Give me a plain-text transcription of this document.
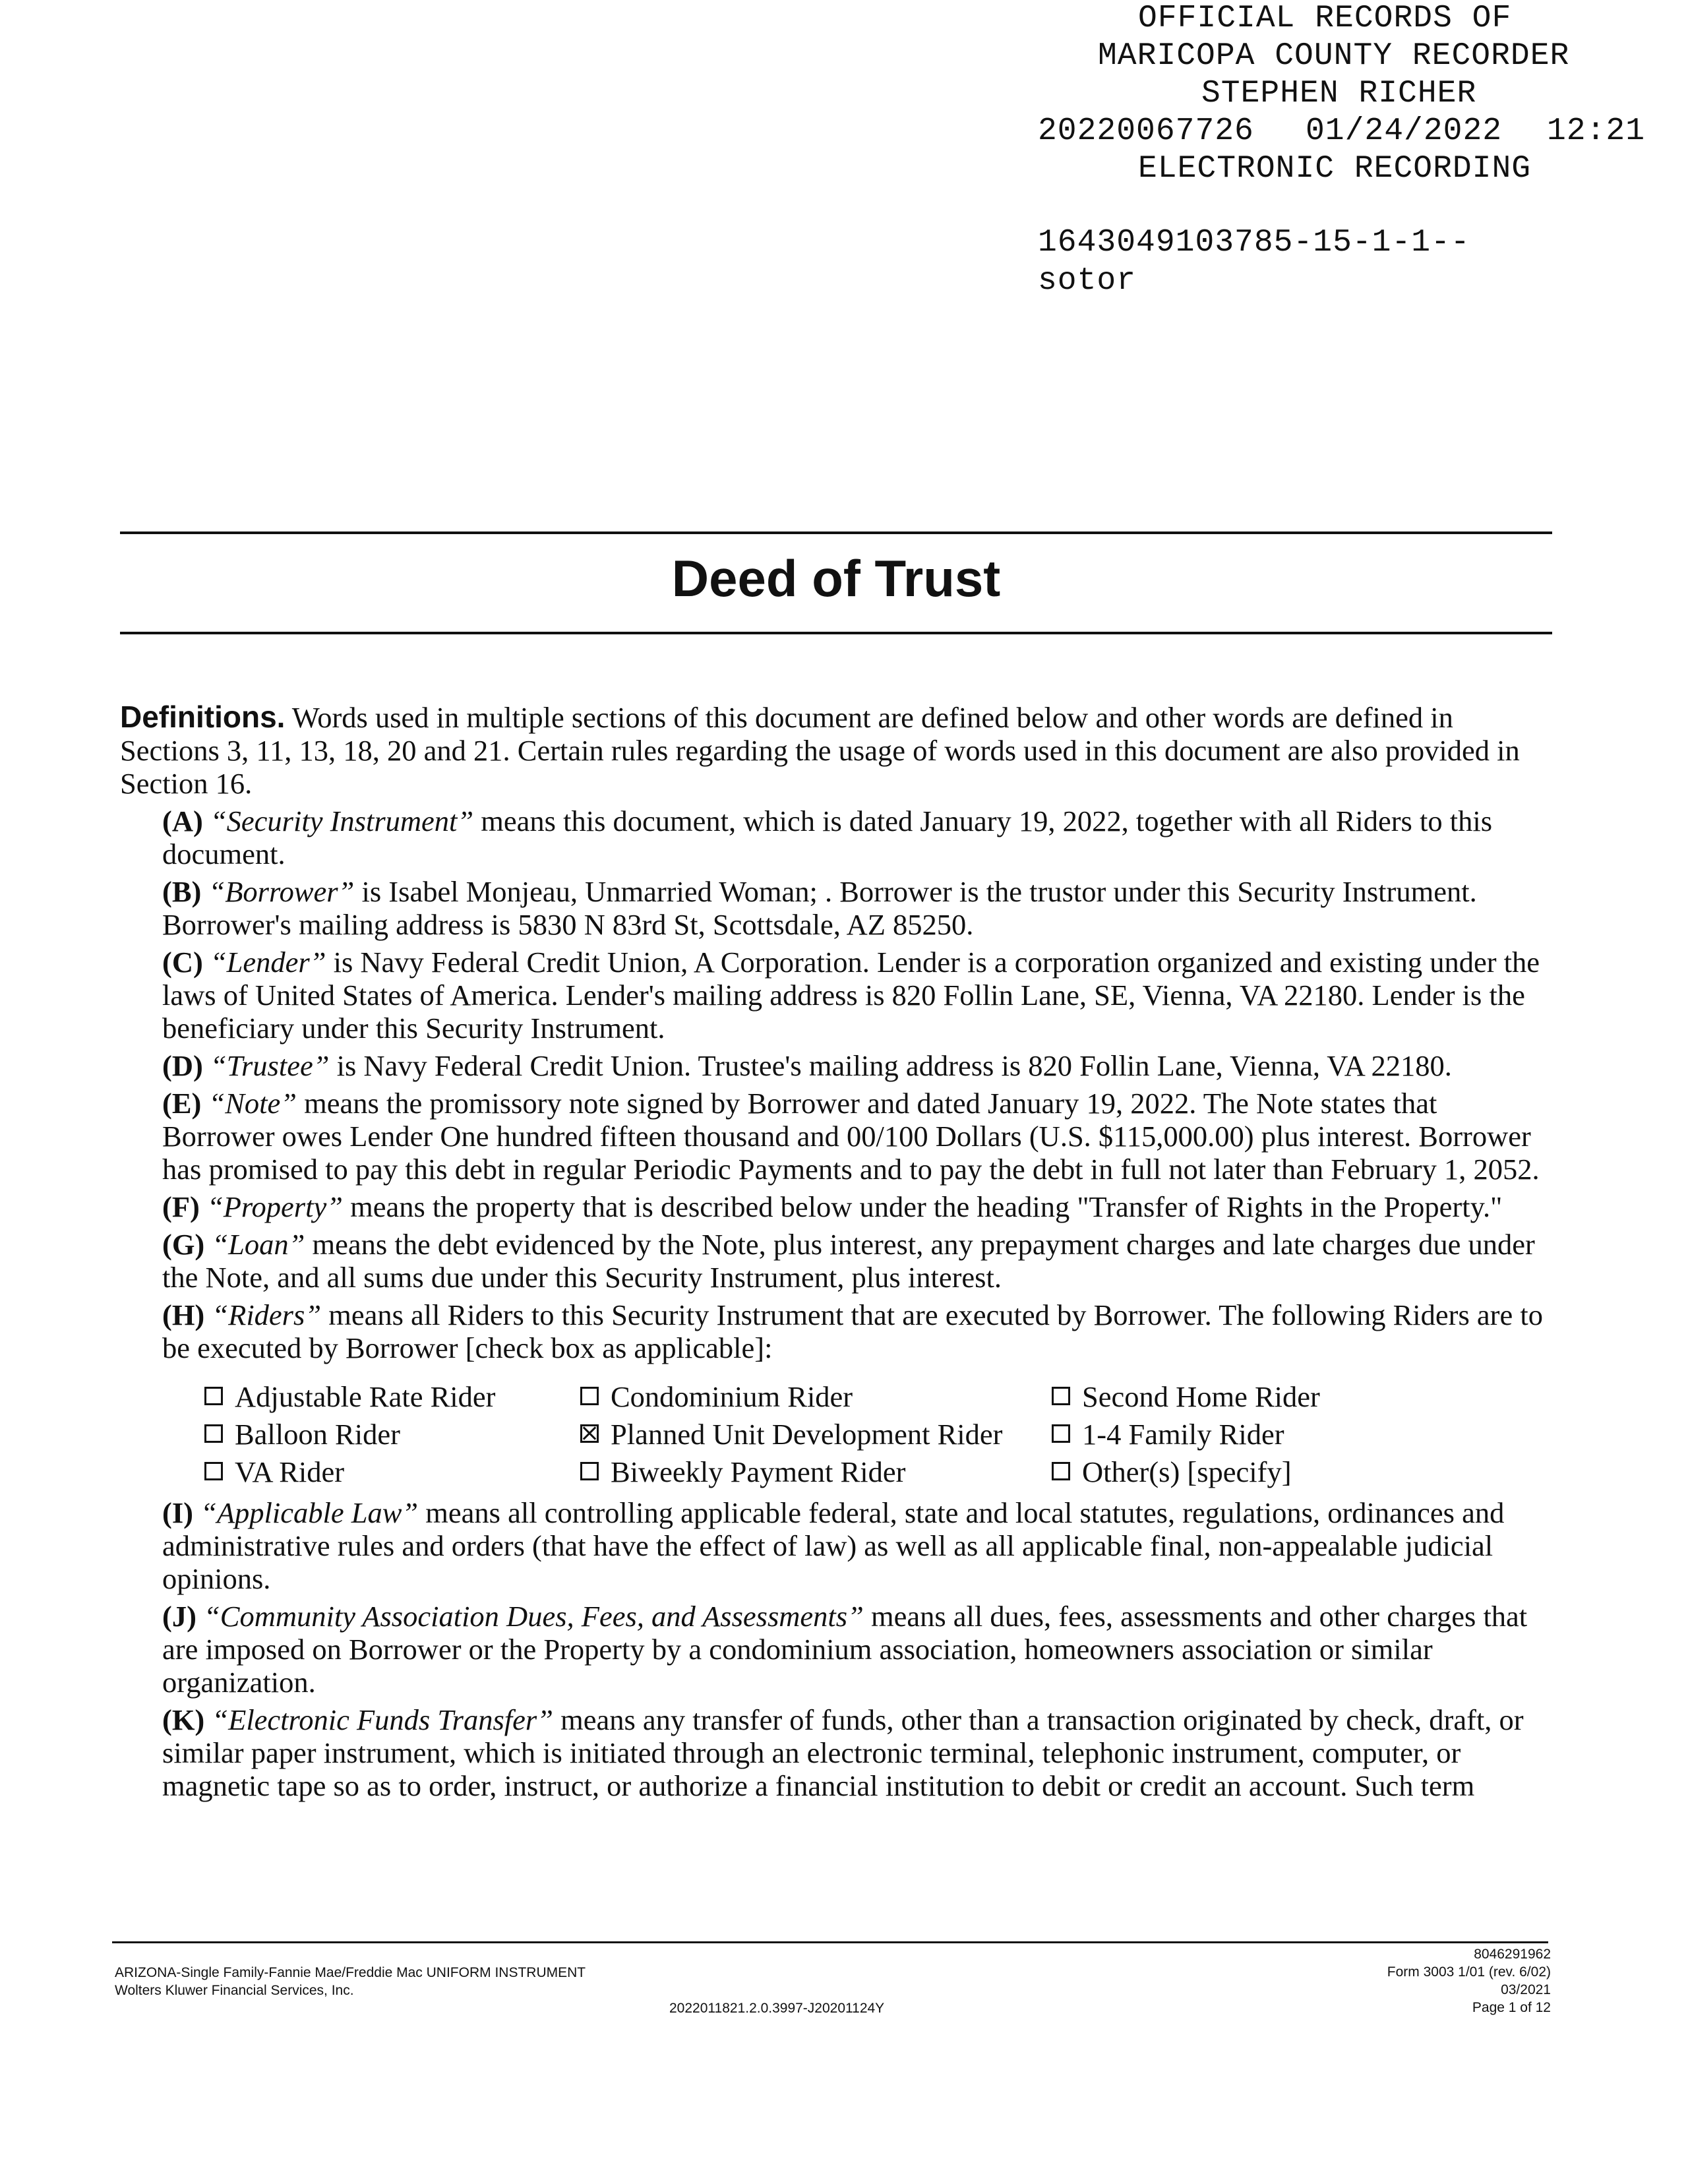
OFFICIAL RECORDS OF

MARICOPA COUNTY RECORDER

STEPHEN RICHER

20220067726

01/24/2022

12:21

ELECTRONIC RECORDING

1643049103785-15-1-1--

sotor

Deed of Trust
Definitions. Words used in multiple sections of this document are defined below and other words are defined in Sections 3, 11, 13, 18, 20 and 21. Certain rules regarding the usage of words used in this document are also provided in Section 16.
(A) “Security Instrument” means this document, which is dated January 19, 2022, together with all Riders to this document.
(B) “Borrower” is Isabel Monjeau, Unmarried Woman; . Borrower is the trustor under this Security Instrument. Borrower's mailing address is 5830 N 83rd St, Scottsdale, AZ 85250.
(C) “Lender” is Navy Federal Credit Union, A Corporation. Lender is a corporation organized and existing under the laws of United States of America. Lender's mailing address is 820 Follin Lane, SE, Vienna, VA 22180. Lender is the beneficiary under this Security Instrument.
(D) “Trustee” is Navy Federal Credit Union. Trustee's mailing address is 820 Follin Lane, Vienna, VA 22180.
(E) “Note” means the promissory note signed by Borrower and dated January 19, 2022. The Note states that Borrower owes Lender One hundred fifteen thousand and 00/100 Dollars (U.S. $115,000.00) plus interest. Borrower has promised to pay this debt in regular Periodic Payments and to pay the debt in full not later than February 1, 2052.
(F) “Property” means the property that is described below under the heading "Transfer of Rights in the Property."
(G) “Loan” means the debt evidenced by the Note, plus interest, any prepayment charges and late charges due under the Note, and all sums due under this Security Instrument, plus interest.
(H) “Riders” means all Riders to this Security Instrument that are executed by Borrower. The following Riders are to be executed by Borrower [check box as applicable]:
Adjustable Rate Rider	Condominium Rider	Second Home Rider
Balloon Rider	Planned Unit Development Rider	1-4 Family Rider
VA Rider	Biweekly Payment Rider	Other(s) [specify]
(I) “Applicable Law” means all controlling applicable federal, state and local statutes, regulations, ordinances and administrative rules and orders (that have the effect of law) as well as all applicable final, non-appealable judicial opinions.
(J) “Community Association Dues, Fees, and Assessments” means all dues, fees, assessments and other charges that are imposed on Borrower or the Property by a condominium association, homeowners association or similar organization.
(K) “Electronic Funds Transfer” means any transfer of funds, other than a transaction originated by check, draft, or similar paper instrument, which is initiated through an electronic terminal, telephonic instrument, computer, or magnetic tape so as to order, instruct, or authorize a financial institution to debit or credit an account. Such term
ARIZONA-Single Family-Fannie Mae/Freddie Mac UNIFORM INSTRUMENT
Wolters Kluwer Financial Services, Inc.
2022011821.2.0.3997-J20201124Y
8046291962
Form 3003 1/01 (rev. 6/02)
03/2021
Page 1 of 12
